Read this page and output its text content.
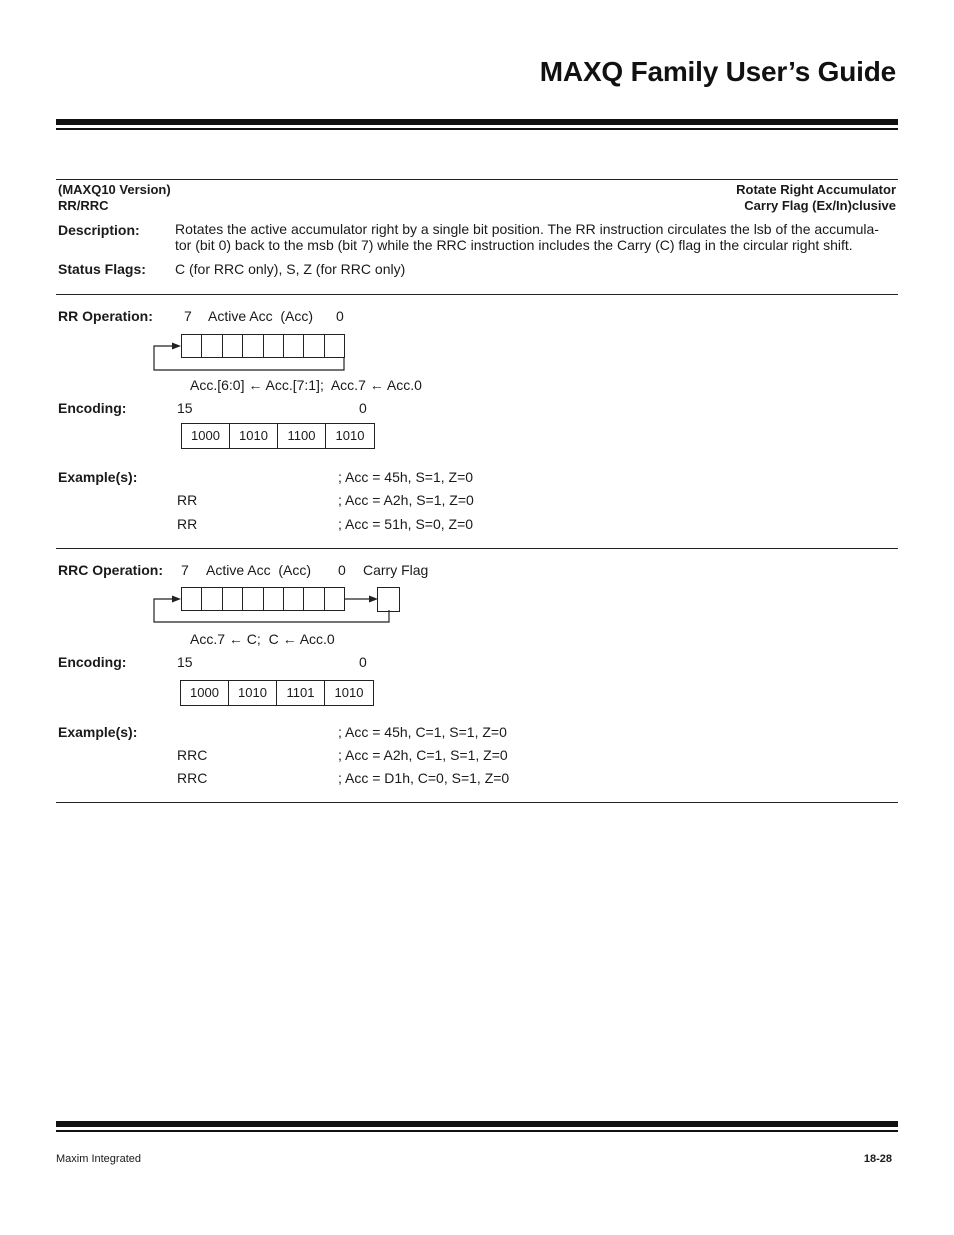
MAXQ Family User’s Guide
(MAXQ10 Version)
RR/RRC
Rotate Right Accumulator
Carry Flag (Ex/In)clusive
Description:	Rotates the active accumulator right by a single bit position. The RR instruction circulates the lsb of the accumula-
tor (bit 0) back to the msb (bit 7) while the RRC instruction includes the Carry (C) flag in the circular right shift.
Status Flags: C (for RRC only), S, Z (for RRC only)
RR Operation: 7 Active Acc  (Acc) 0
Acc.[6:0] ← Acc.[7:1];  Acc.7 ← Acc.0
Encoding:	15	0
1000	1010	1100	1010
Example(s):	; Acc = 45h, S=1, Z=0
RR	; Acc = A2h, S=1, Z=0
RR	; Acc = 51h, S=0, Z=0
RRC Operation: 7 Active Acc  (Acc) 0 Carry Flag
Acc.7 ← C;  C ← Acc.0
Encoding:	15	0
1000	1010	1101	1010
Example(s):	; Acc = 45h, C=1, S=1, Z=0
RRC	; Acc = A2h, C=1, S=1, Z=0
RRC	; Acc = D1h, C=0, S=1, Z=0
Maxim Integrated	18-28
